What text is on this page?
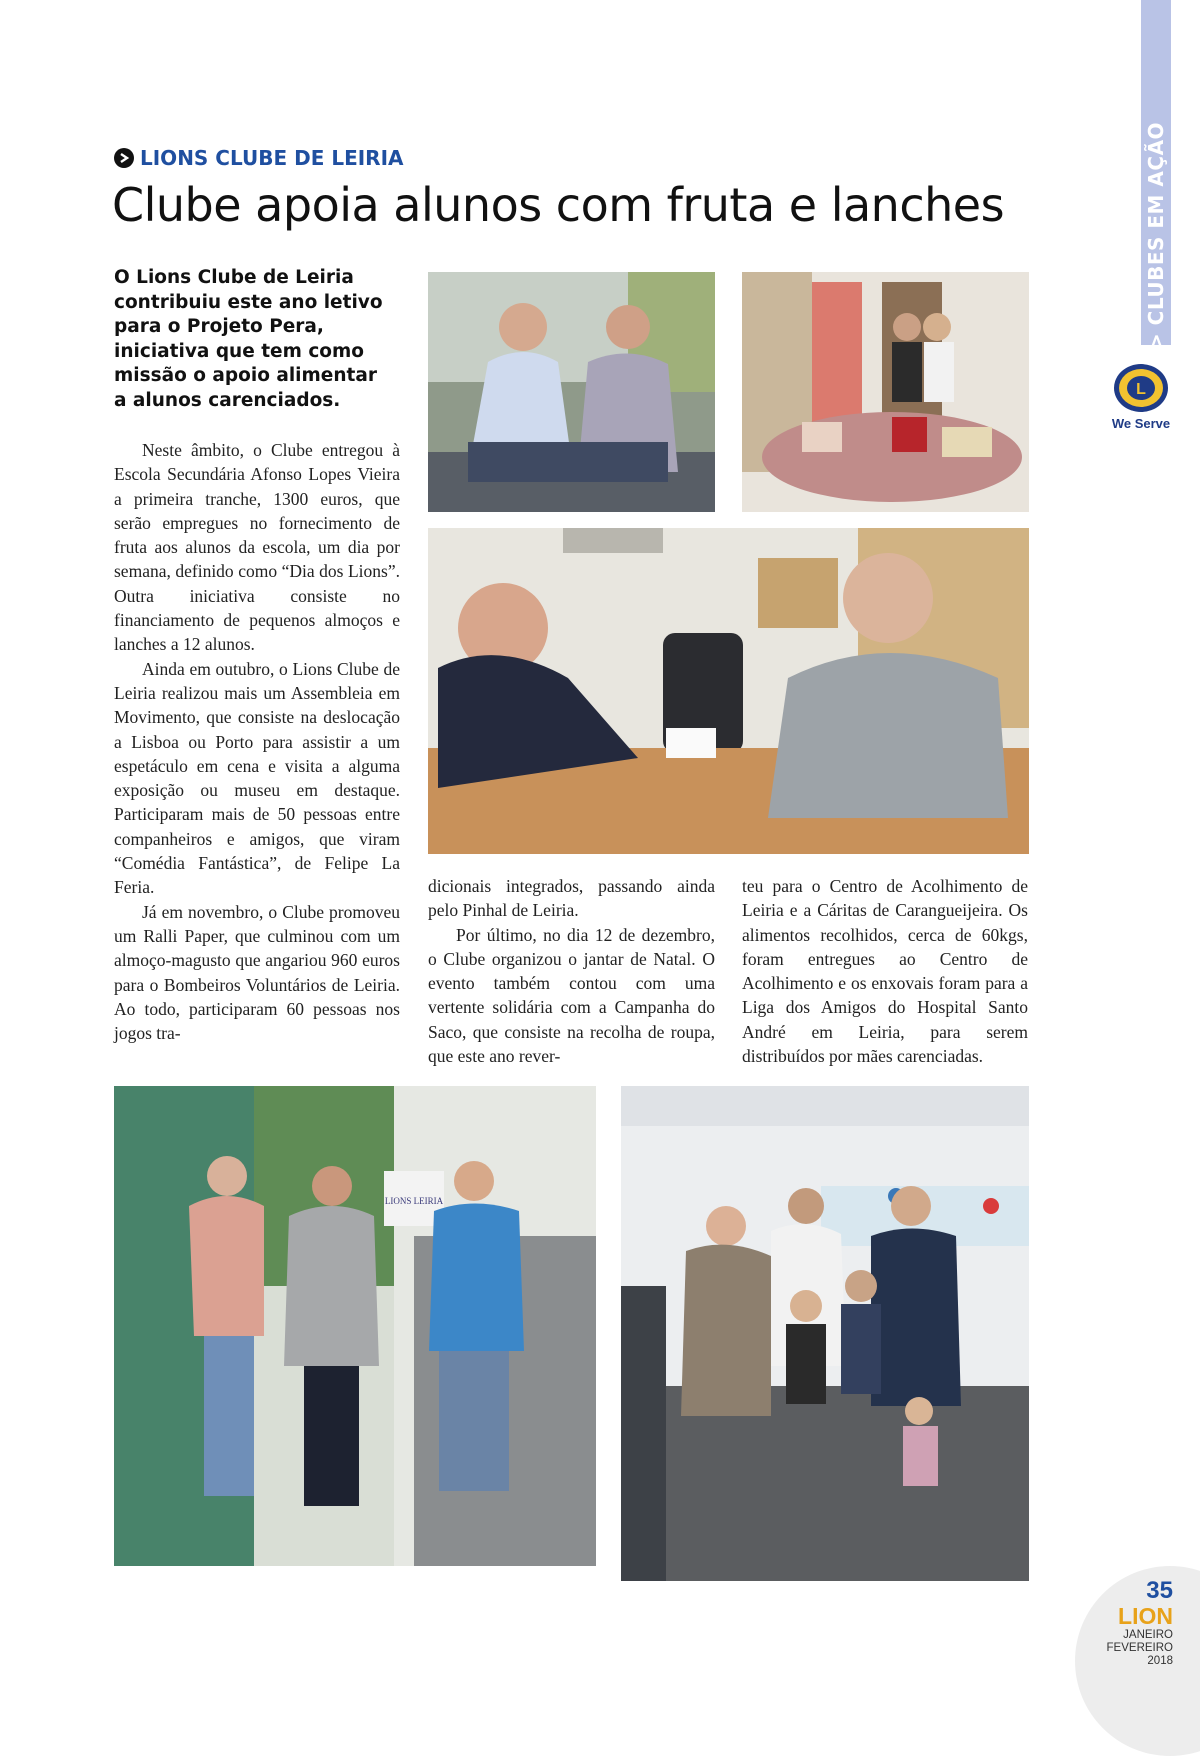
> CLUBES EM AÇÃO
L
We Serve
LIONS CLUBE DE LEIRIA
Clube apoia alunos com fruta e lanches
O Lions Clube de Leiria contribuiu este ano letivo para o Projeto Pera, iniciativa que tem como missão o apoio alimentar a alunos carenciados.

Neste âmbito, o Clube entregou à Escola Secundária Afonso Lopes Vieira a primeira tranche, 1300 euros, que serão empregues no fornecimento de fruta aos alunos da escola, um dia por semana, definido como “Dia dos Lions”. Outra iniciativa consiste no financiamento de pequenos almoços e lanches a 12 alunos.

Ainda em outubro, o Lions Clube de Leiria realizou mais um Assembleia em Movimento, que consiste na deslocação a Lisboa ou Porto para assistir a um espetáculo em cena e visita a alguma exposição ou museu em destaque. Participaram mais de 50 pessoas entre companheiros e amigos, que viram “Comédia Fantástica”, de Felipe La Feria.

Já em novembro, o Clube promoveu um Ralli Paper, que culminou com um almoço-magusto que angariou 960 euros para o Bombeiros Voluntários de Leiria. Ao todo, participaram 60 pessoas nos jogos tra-

dicionais integrados, passando ainda pelo Pinhal de Leiria.

Por último, no dia 12 de dezembro, o Clube organizou o jantar de Natal. O evento também contou com uma vertente solidária com a Campanha do Saco, que consiste na recolha de roupa, que este ano rever-

teu para o Centro de Acolhimento de Leiria e a Cáritas de Carangueijeira. Os alimentos recolhidos, cerca de 60kgs, foram entregues ao Centro de Acolhimento e os enxovais foram para a Liga dos Amigos do Hospital Santo André em Leiria, para serem distribuídos por mães carenciadas.

LIONS LEIRIA
35
LION
JANEIRO
FEVEREIRO
2018
